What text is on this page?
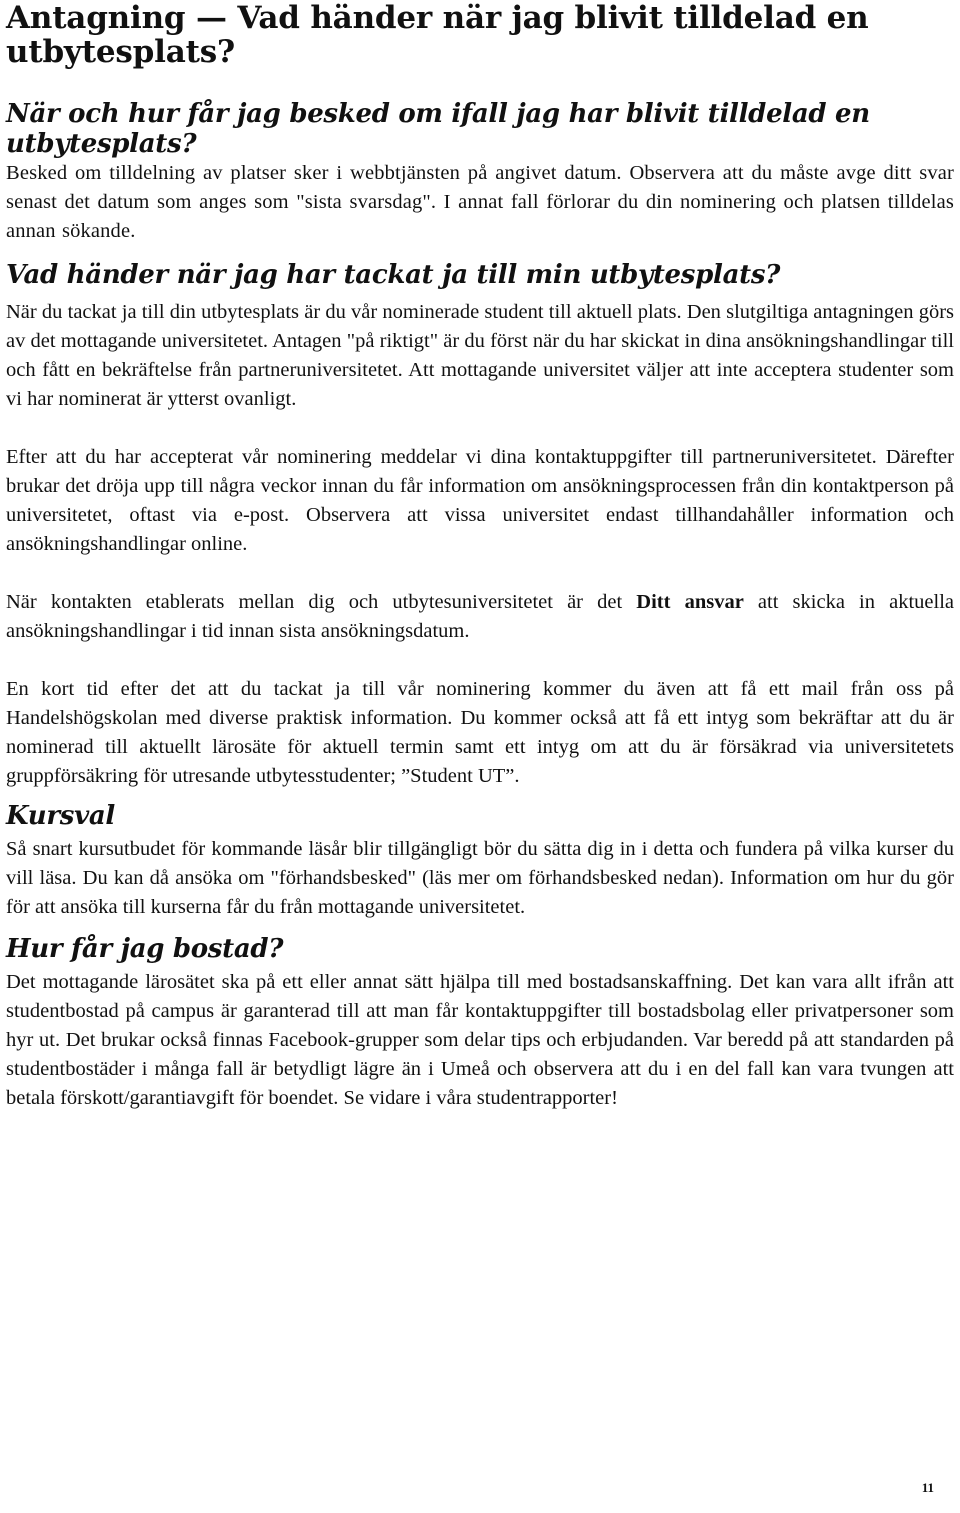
Antagning — Vad händer när jag blivit tilldelad en utbytesplats?
När och hur får jag besked om ifall jag har blivit tilldelad en utbytesplats?

Besked om tilldelning av platser sker i webbtjänsten på angivet datum. Observera att du måste avge ditt svar senast det datum som anges som "sista svarsdag". I annat fall förlorar du din nominering och platsen tilldelas annan sökande.

Vad händer när jag har tackat ja till min utbytesplats?

När du tackat ja till din utbytesplats är du vår nominerade student till aktuell plats. Den slutgiltiga antagningen görs av det mottagande universitetet. Antagen "på riktigt" är du först när du har skickat in dina ansökningshandlingar till och fått en bekräftelse från partneruniversitetet. Att mottagande universitet väljer att inte acceptera studenter som vi har nominerat är ytterst ovanligt.

Efter att du har accepterat vår nominering meddelar vi dina kontaktuppgifter till partneruniversitetet. Därefter brukar det dröja upp till några veckor innan du får information om ansökningsprocessen från din kontaktperson på universitetet, oftast via e-post. Observera att vissa universitet endast tillhandahåller information och ansökningshandlingar online.

När kontakten etablerats mellan dig och utbytesuniversitetet är det Ditt ansvar att skicka in aktuella ansökningshandlingar i tid innan sista ansökningsdatum.

En kort tid efter det att du tackat ja till vår nominering kommer du även att få ett mail från oss på Handelshögskolan med diverse praktisk information. Du kommer också att få ett intyg som bekräftar att du är nominerad till aktuellt lärosäte för aktuell termin samt ett intyg om att du är försäkrad via universitetets gruppförsäkring för utresande utbytesstudenter; ”Student UT”.

Kursval

Så snart kursutbudet för kommande läsår blir tillgängligt bör du sätta dig in i detta och fundera på vilka kurser du vill läsa. Du kan då ansöka om "förhandsbesked" (läs mer om förhandsbesked nedan). Information om hur du gör för att ansöka till kurserna får du från mottagande universitetet.

Hur får jag bostad?

Det mottagande lärosätet ska på ett eller annat sätt hjälpa till med bostadsanskaffning. Det kan vara allt ifrån att studentbostad på campus är garanterad till att man får kontaktuppgifter till bostadsbolag eller privatpersoner som hyr ut. Det brukar också finnas Facebook-grupper som delar tips och erbjudanden. Var beredd på att standarden på studentbostäder i många fall är betydligt lägre än i Umeå och observera att du i en del fall kan vara tvungen att betala förskott/garantiavgift för boendet. Se vidare i våra studentrapporter!

11
